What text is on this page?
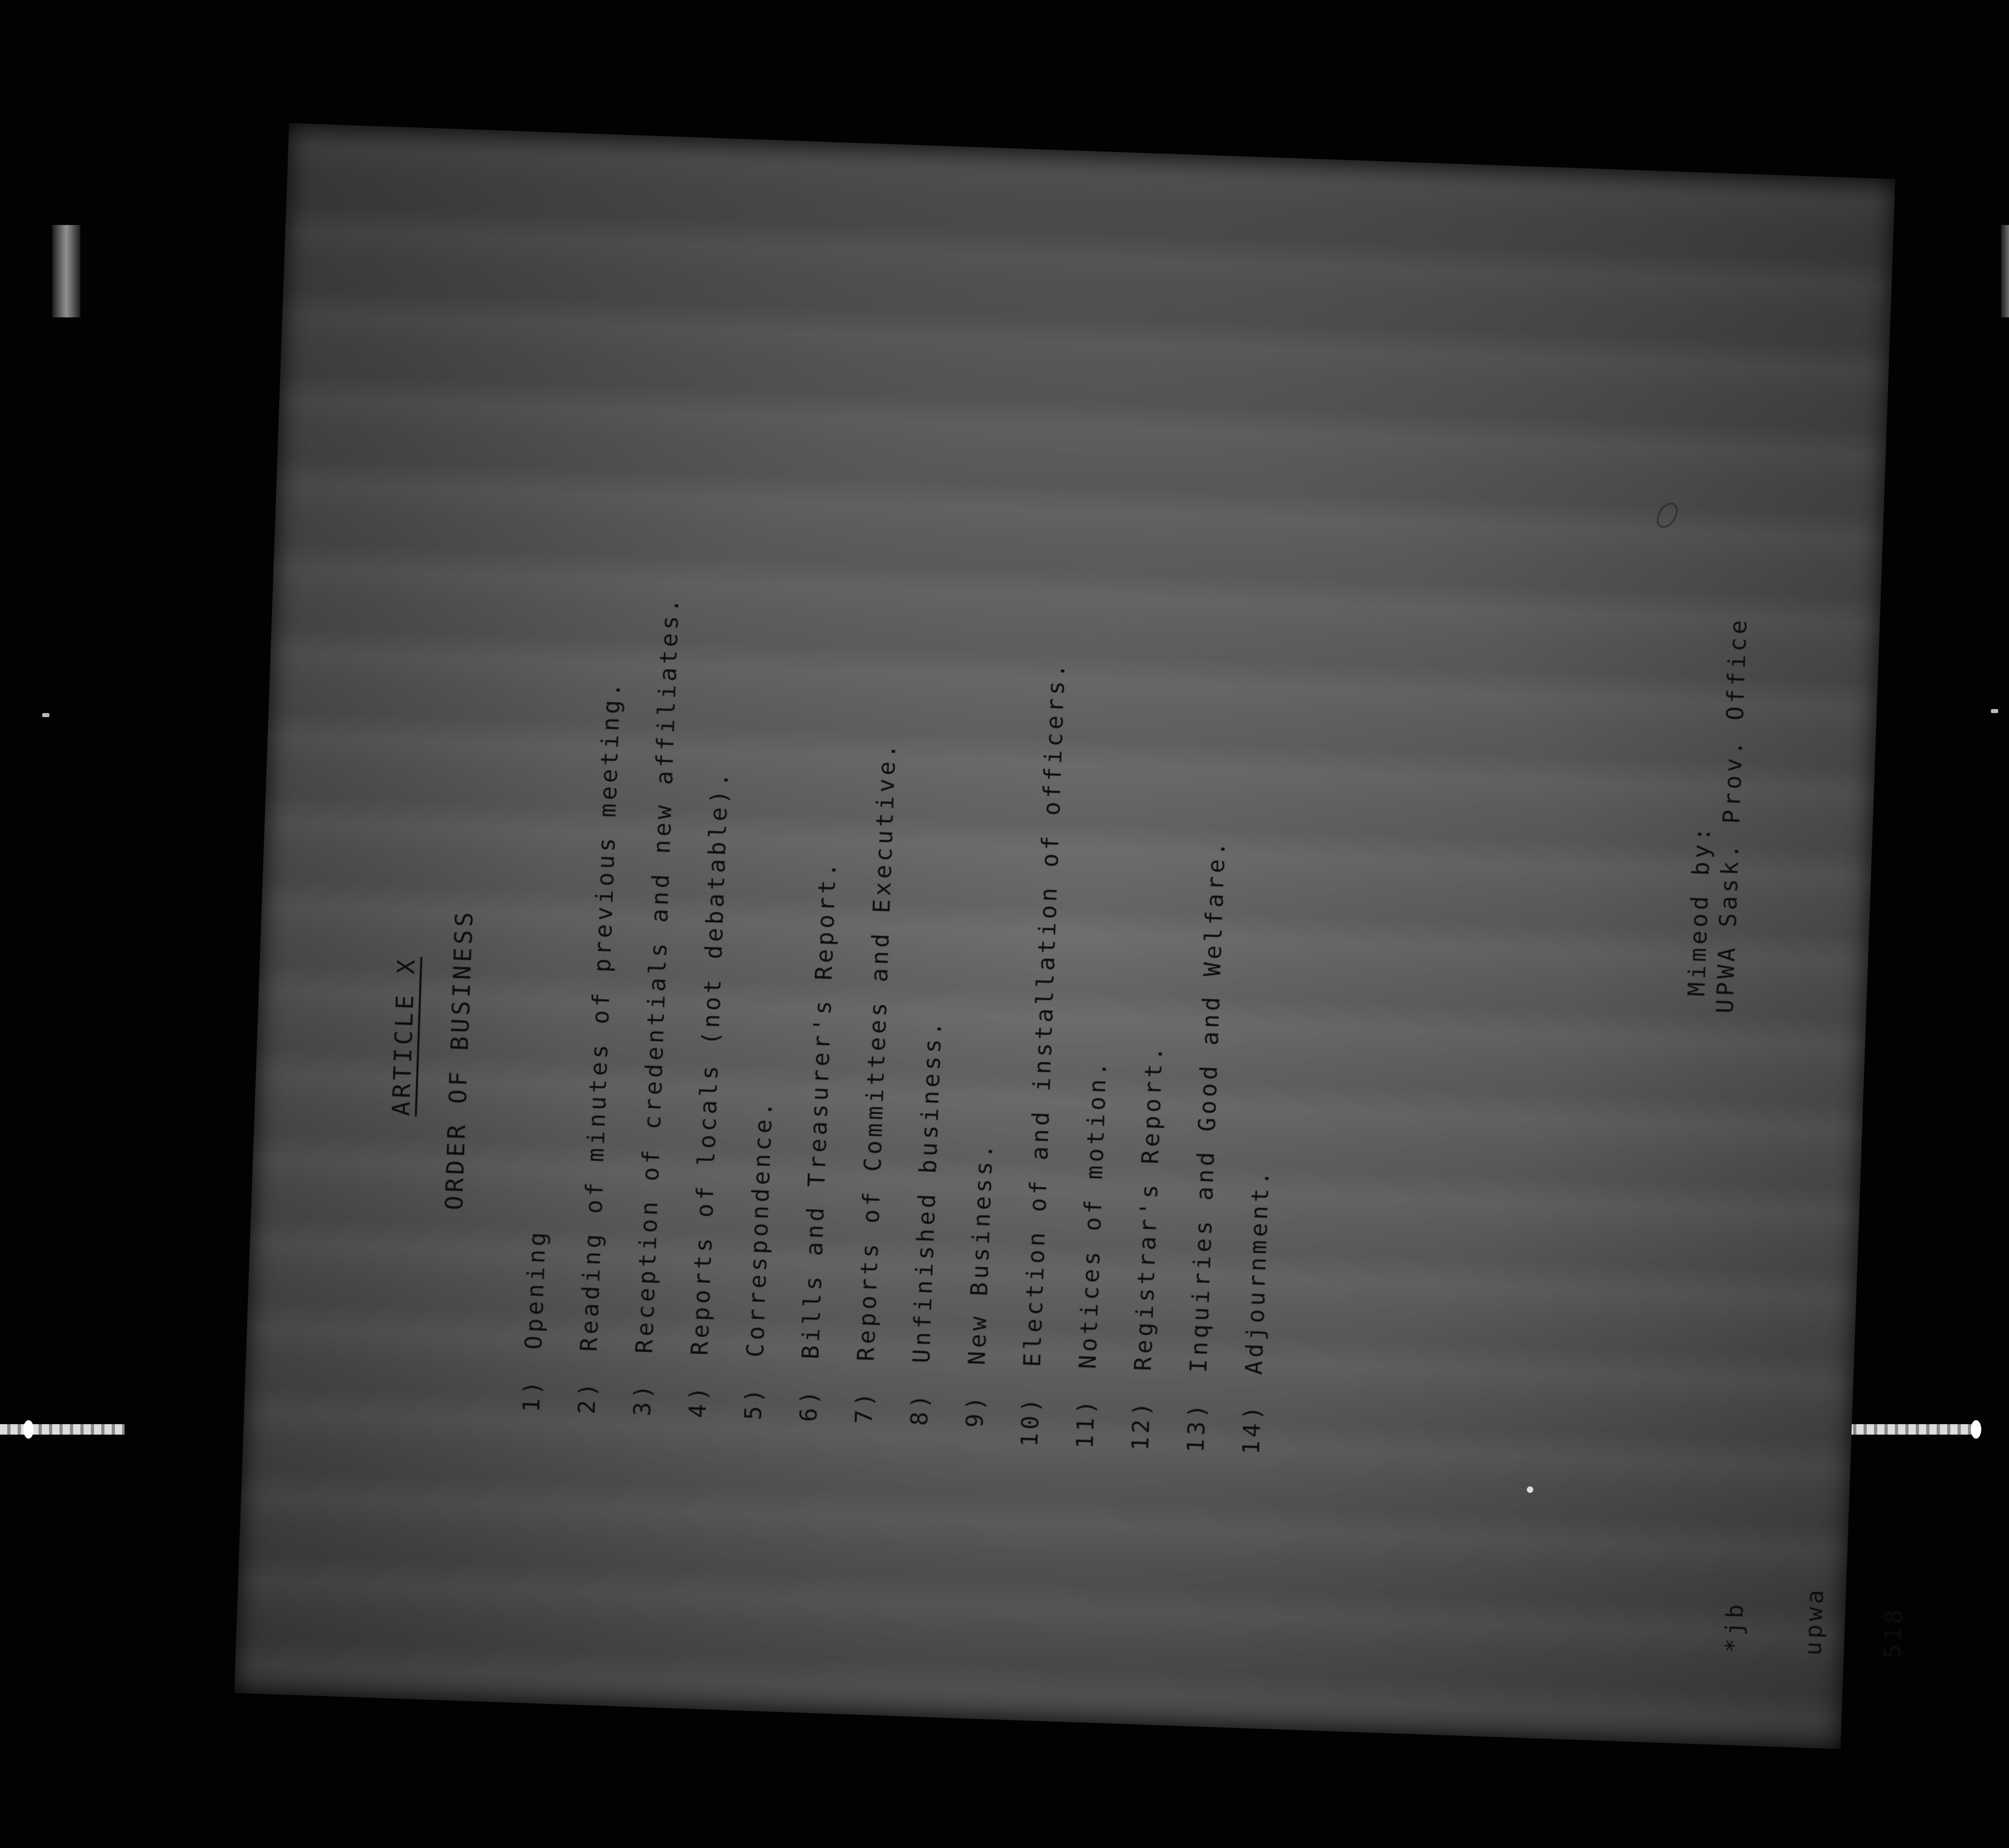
ARTICLE X ORDER OF BUSINESS
1)
Opening
2)
Reading of minutes of previous meeting.
3)
Reception of credentials and new affiliates.
4)
Reports of locals (not debatable).
5)
Correspondence.
6)
Bills and Treasurer's Report.
7)
Reports of Committees and Executive.
8)
Unfinished business.
9)
New Business.
10)
Election of and installation of officers.
11)
Notices of motion.
12)
Registrar's Report.
13)
Inquiries and Good and Welfare.
14)
Adjournment.
Mimeod by:
UPWA Sask. Prov. Office

*jb

upwa

518
